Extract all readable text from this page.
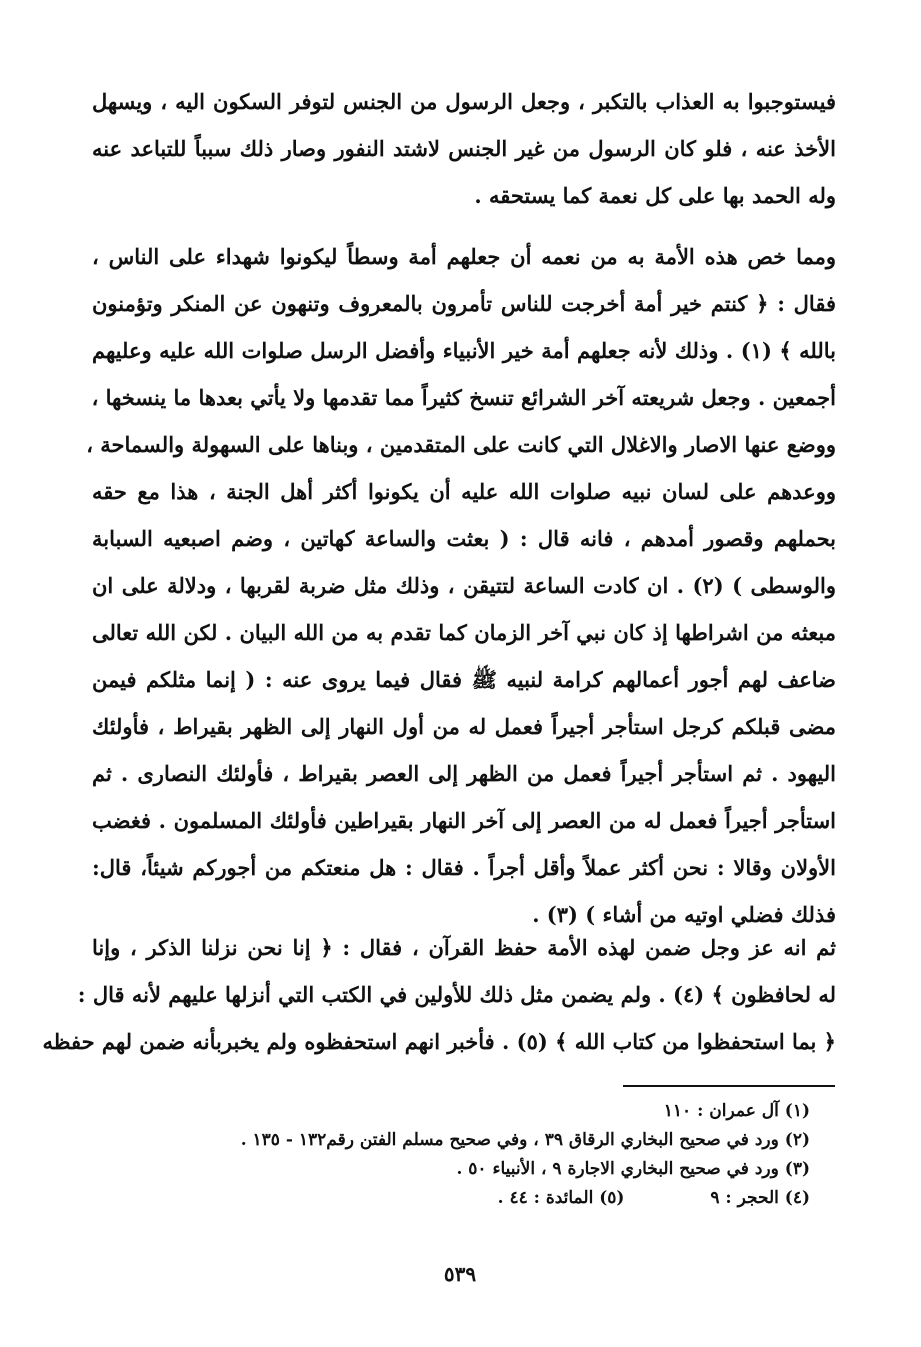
فيستوجبوا به العذاب بالتكبر ، وجعل الرسول من الجنس لتوفر السكون اليه ، ويسهل
الأخذ عنه ، فلو كان الرسول من غير الجنس لاشتد النفور وصار ذلك سبباً للتباعد عنه
وله الحمد بها على كل نعمة كما يستحقه .
ومما خص هذه الأمة به من نعمه أن جعلهم أمة وسطاً ليكونوا شهداء على الناس ،
فقال : ﴿ كنتم خير أمة أخرجت للناس تأمرون بالمعروف وتنهون عن المنكر وتؤمنون
بالله ﴾ (١) . وذلك لأنه جعلهم أمة خير الأنبياء وأفضل الرسل صلوات الله عليه وعليهم
أجمعين . وجعل شريعته آخر الشرائع تنسخ كثيراً مما تقدمها ولا يأتي بعدها ما ينسخها ،
ووضع عنها الاصار والاغلال التي كانت على المتقدمين ، وبناها على السهولة والسماحة ،
ووعدهم على لسان نبيه صلوات الله عليه أن يكونوا أكثر أهل الجنة ، هذا مع حقه
بحملهم وقصور أمدهم ، فانه قال : ( بعثت والساعة كهاتين ، وضم اصبعيه السبابة
والوسطى ) (٢) . ان كادت الساعة لتتيقن ، وذلك مثل ضربة لقربها ، ودلالة على ان
مبعثه من اشراطها إذ كان نبي آخر الزمان كما تقدم به من الله البيان . لكن الله تعالى
ضاعف لهم أجور أعمالهم كرامة لنبيه ﷺ فقال فيما يروى عنه : ( إنما مثلكم فيمن
مضى قبلكم كرجل استأجر أجيراً فعمل له من أول النهار إلى الظهر بقيراط ، فأولئك
اليهود . ثم استأجر أجيراً فعمل من الظهر إلى العصر بقيراط ، فأولئك النصارى . ثم
استأجر أجيراً فعمل له من العصر إلى آخر النهار بقيراطين فأولئك المسلمون . فغضب
الأولان وقالا : نحن أكثر عملاً وأقل أجراً . فقال : هل منعتكم من أجوركم شيئاً، قال:
فذلك فضلي اوتيه من أشاء ) (٣) .
ثم انه عز وجل ضمن لهذه الأمة حفظ القرآن ، فقال : ﴿ إنا نحن نزلنا الذكر ، وإنا
له لحافظون ﴾ (٤) . ولم يضمن مثل ذلك للأولين في الكتب التي أنزلها عليهم لأنه قال :
﴿ بما استحفظوا من كتاب الله ﴾ (٥) . فأخبر انهم استحفظوه ولم يخبربأنه ضمن لهم حفظه
(١) آل عمران : ١١٠
(٢) ورد في صحيح البخاري الرقاق ٣٩ ، وفي صحيح مسلم الفتن رقم١٣٢ - ١٣٥ .
(٣) ورد في صحيح البخاري الاجارة ٩ ، الأنبياء ٥٠ .
(٤) الحجر : ٩ (٥) المائدة : ٤٤ .
٥٣٩
